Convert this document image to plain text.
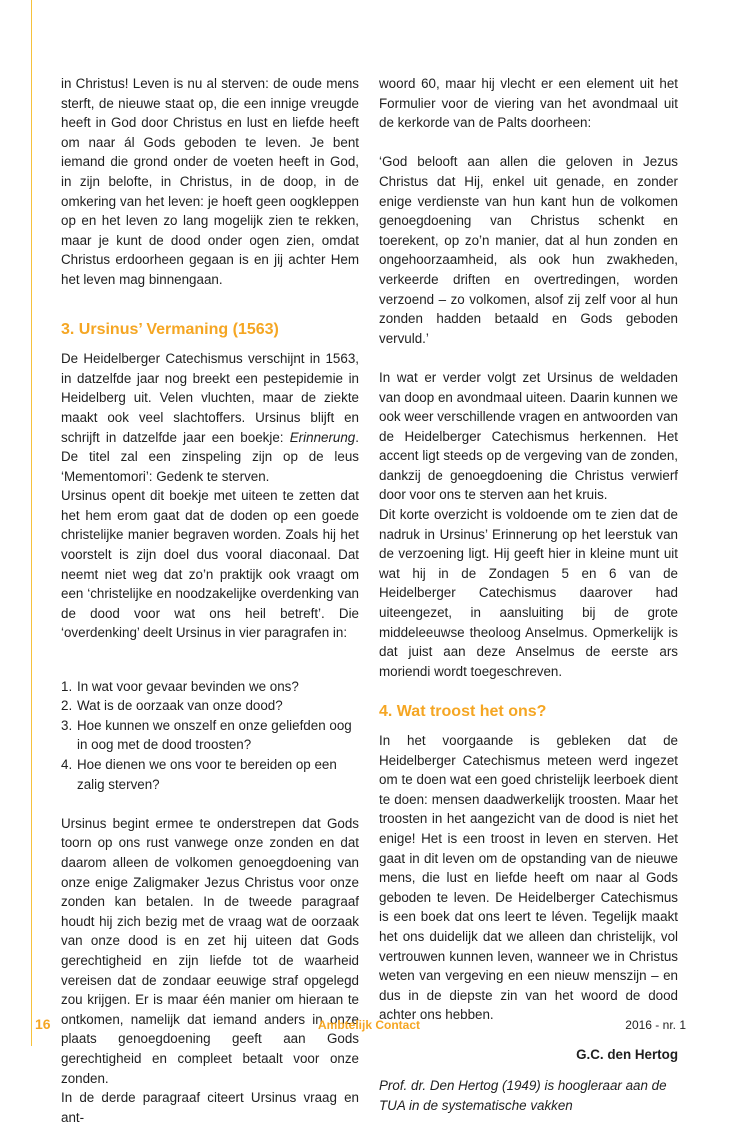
in Christus! Leven is nu al sterven: de oude mens sterft, de nieuwe staat op, die een innige vreugde heeft in God door Christus en lust en liefde heeft om naar ál Gods geboden te leven. Je bent iemand die grond onder de voeten heeft in God, in zijn belofte, in Christus, in de doop, in de omkering van het leven: je hoeft geen oogkleppen op en het leven zo lang mogelijk zien te rekken, maar je kunt de dood onder ogen zien, omdat Christus erdoorheen gegaan is en jij achter Hem het leven mag binnengaan.

3. Ursinus’ Vermaning (1563)

De Heidelberger Catechismus verschijnt in 1563, in datzelfde jaar nog breekt een pestepidemie in Heidelberg uit. Velen vluchten, maar de ziekte maakt ook veel slachtoffers. Ursinus blijft en schrijft in datzelfde jaar een boekje: Erinnerung. De titel zal een zinspeling zijn op de leus ‘Mementomori’: Gedenk te sterven.

Ursinus opent dit boekje met uiteen te zetten dat het hem erom gaat dat de doden op een goede christelijke manier begraven worden. Zoals hij het voorstelt is zijn doel dus vooral diaconaal. Dat neemt niet weg dat zo’n praktijk ook vraagt om een ‘christelijke en noodzakelijke overdenking van de dood voor wat ons heil betreft’. Die ‘overdenking’ deelt Ursinus in vier paragrafen in:

1. In wat voor gevaar bevinden we ons?
2. Wat is de oorzaak van onze dood?
3. Hoe kunnen we onszelf en onze geliefden oog in oog met de dood troosten?
4. Hoe dienen we ons voor te bereiden op een zalig sterven?

Ursinus begint ermee te onderstrepen dat Gods toorn op ons rust vanwege onze zonden en dat daarom alleen de volkomen genoegdoening van onze enige Zaligmaker Jezus Christus voor onze zonden kan betalen. In de tweede paragraaf houdt hij zich bezig met de vraag wat de oorzaak van onze dood is en zet hij uiteen dat Gods gerechtigheid en zijn liefde tot de waarheid vereisen dat de zondaar eeuwige straf opgelegd zou krijgen. Er is maar één manier om hieraan te ontkomen, namelijk dat iemand anders in onze plaats genoegdoening geeft aan Gods gerechtigheid en compleet betaalt voor onze zonden.

In de derde paragraaf citeert Ursinus vraag en ant-

woord 60, maar hij vlecht er een element uit het Formulier voor de viering van het avondmaal uit de kerkorde van de Palts doorheen:

‘God belooft aan allen die geloven in Jezus Christus dat Hij, enkel uit genade, en zonder enige verdienste van hun kant hun de volkomen genoegdoening van Christus schenkt en toerekent, op zo’n manier, dat al hun zonden en ongehoorzaamheid, als ook hun zwakheden, verkeerde driften en overtredingen, worden verzoend – zo volkomen, alsof zij zelf voor al hun zonden hadden betaald en Gods geboden vervuld.’

In wat er verder volgt zet Ursinus de weldaden van doop en avondmaal uiteen. Daarin kunnen we ook weer verschillende vragen en antwoorden van de Heidelberger Catechismus herkennen. Het accent ligt steeds op de vergeving van de zonden, dankzij de genoegdoening die Christus verwierf door voor ons te sterven aan het kruis.

Dit korte overzicht is voldoende om te zien dat de nadruk in Ursinus’ Erinnerung op het leerstuk van de verzoening ligt. Hij geeft hier in kleine munt uit wat hij in de Zondagen 5 en 6 van de Heidelberger Catechismus daarover had uiteengezet, in aansluiting bij de grote middeleeuwse theoloog Anselmus. Opmerkelijk is dat juist aan deze Anselmus de eerste ars moriendi wordt toegeschreven.

4. Wat troost het ons?

In het voorgaande is gebleken dat de Heidelberger Catechismus meteen werd ingezet om te doen wat een goed christelijk leerboek dient te doen: mensen daadwerkelijk troosten. Maar het troosten in het aangezicht van de dood is niet het enige! Het is een troost in leven en sterven. Het gaat in dit leven om de opstanding van de nieuwe mens, die lust en liefde heeft om naar al Gods geboden te leven. De Heidelberger Catechismus is een boek dat ons leert te léven. Tegelijk maakt het ons duidelijk dat we alleen dan christelijk, vol vertrouwen kunnen leven, wanneer we in Christus weten van vergeving en een nieuw menszijn – en dus in de diepste zin van het woord de dood achter ons hebben.

G.C. den Hertog

Prof. dr. Den Hertog (1949) is hoogleraar aan de TUA in de systematische vakken

16	Ambtelijk Contact	2016 - nr. 1
